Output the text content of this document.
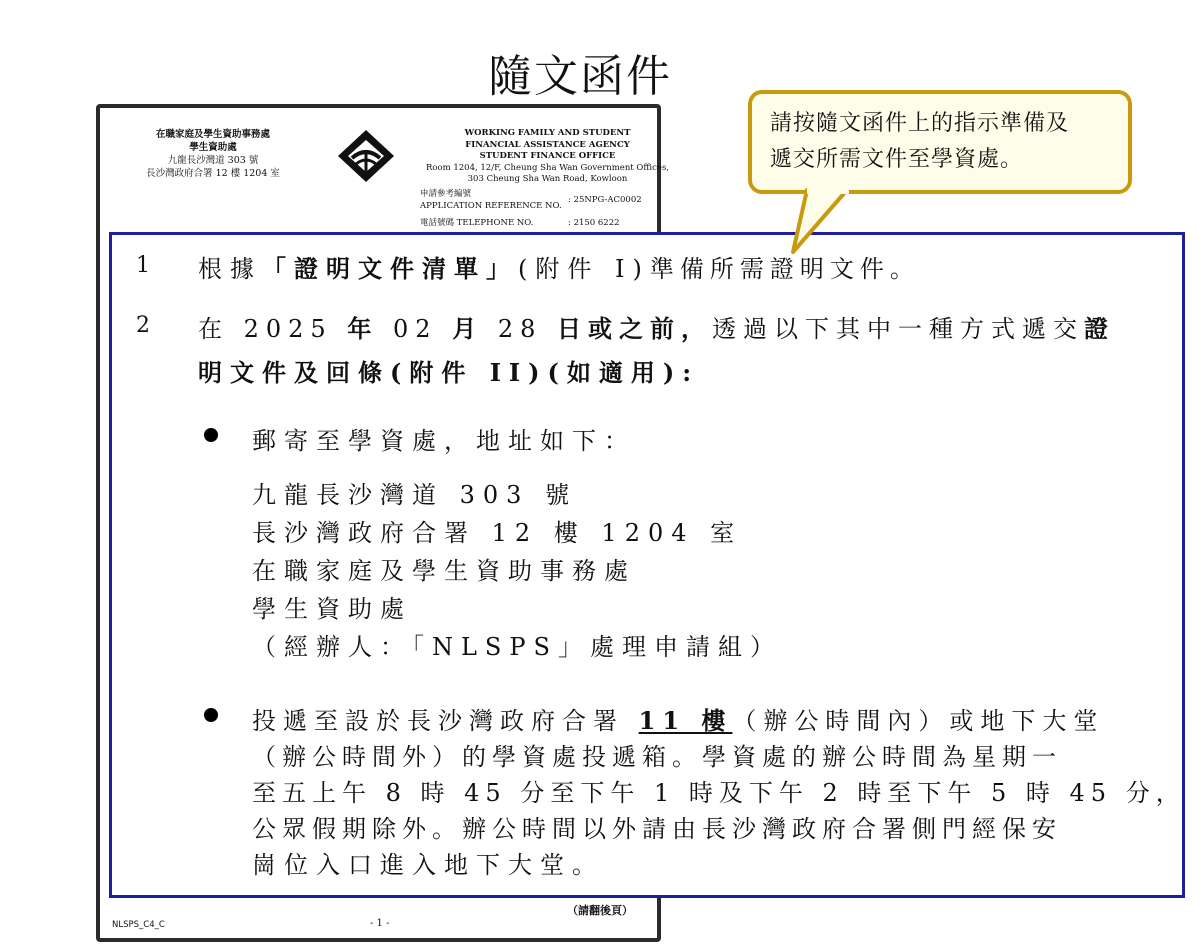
隨文函件
在職家庭及學生資助事務處
學生資助處
九龍長沙灣道 303 號
長沙灣政府合署 12 樓 1204 室
WORKING FAMILY AND STUDENT
FINANCIAL ASSISTANCE AGENCY
STUDENT FINANCE OFFICE
Room 1204, 12/F, Cheung Sha Wan Government Offices,
303 Cheung Sha Wan Road, Kowloon
申請參考編號
APPLICATION REFERENCE NO.
: 25NPG-AC0002
電話號碼 TELEPHONE NO.	: 2150 6222
（請翻後頁）
NLSPS_C4_C	- 1 -
1 根據「證明文件清單」(附件 I)準備所需證明文件。
2 在 2025 年 02 月 28 日或之前，透過以下其中一種方式遞交證
明文件及回條(附件 II)(如適用):
郵寄至學資處，地址如下：
九龍長沙灣道 303 號
長沙灣政府合署 12 樓 1204 室
在職家庭及學生資助事務處
學生資助處
（經辦人：「NLSPS」處理申請組）
投遞至設於長沙灣政府合署 11 樓（辦公時間內）或地下大堂
（辦公時間外）的學資處投遞箱。學資處的辦公時間為星期一
至五上午 8 時 45 分至下午 1 時及下午 2 時至下午 5 時 45 分，
公眾假期除外。辦公時間以外請由長沙灣政府合署側門經保安
崗位入口進入地下大堂。
請按隨文函件上的指示準備及
遞交所需文件至學資處。
